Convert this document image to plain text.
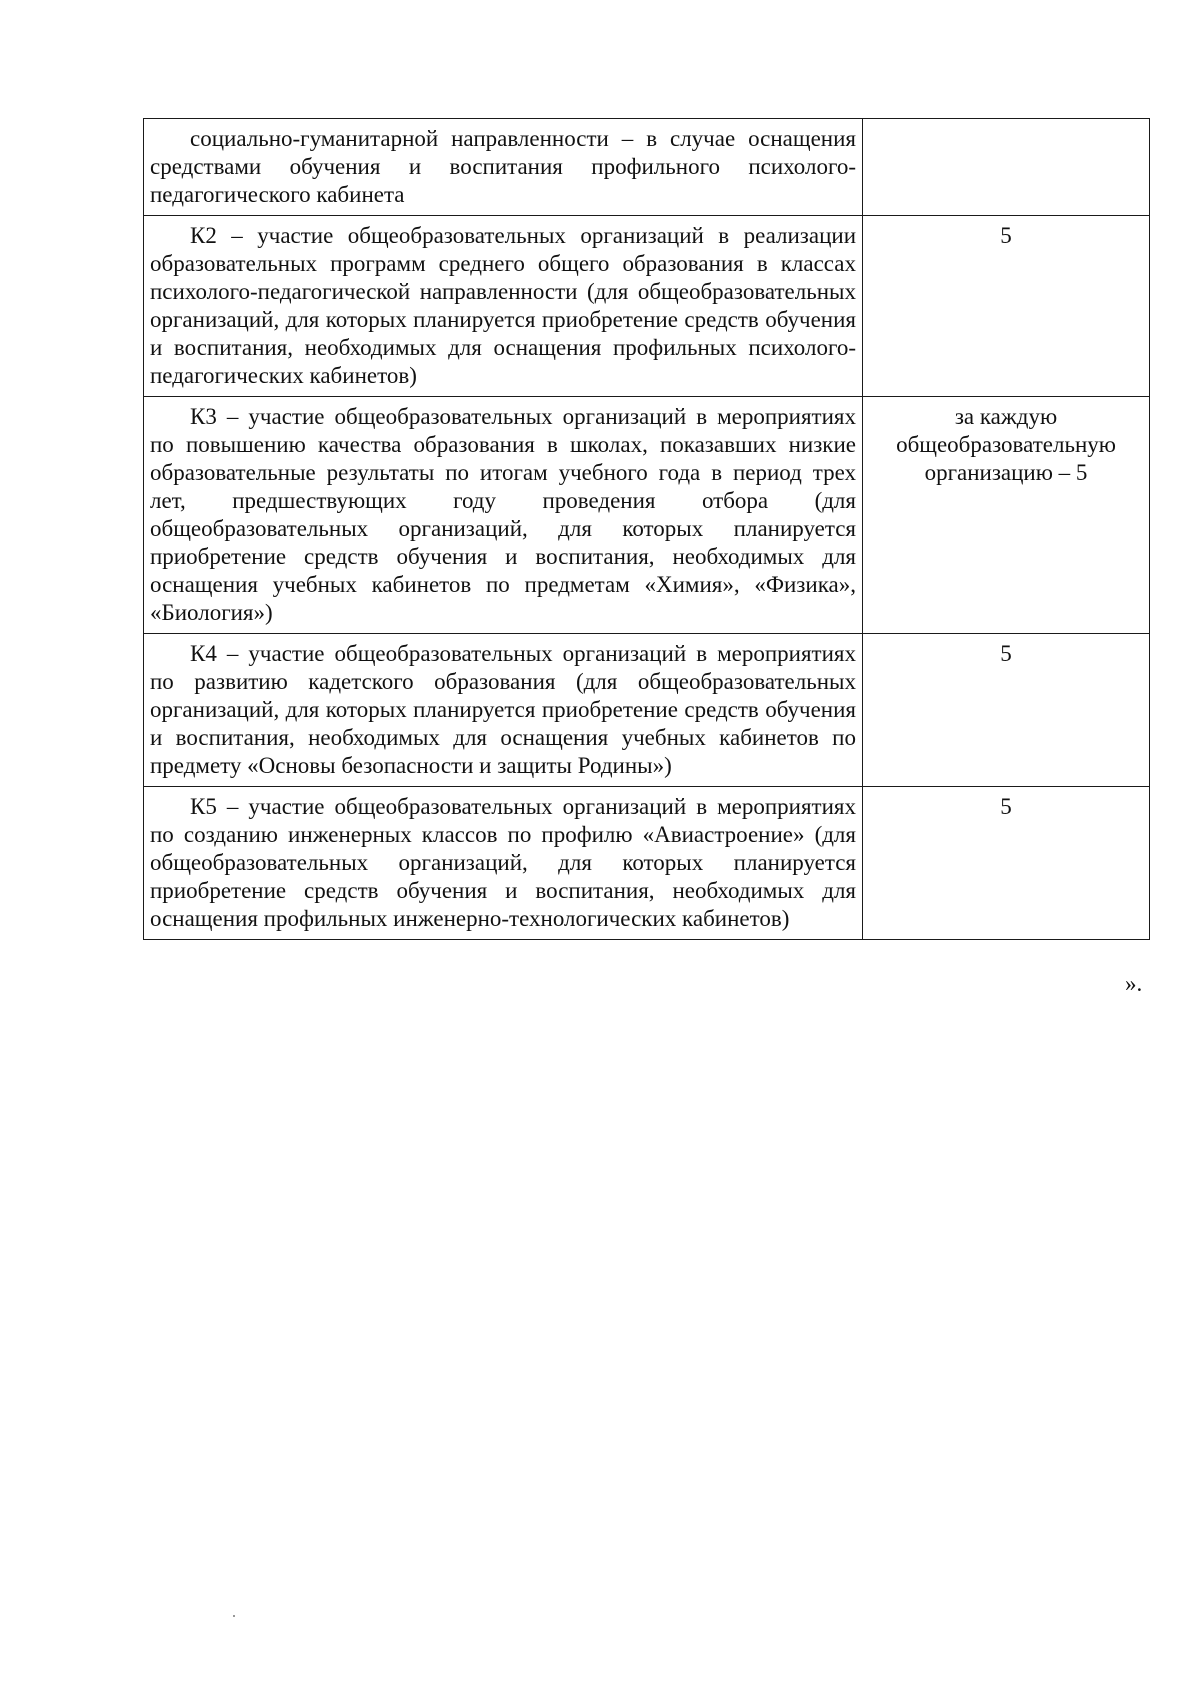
социально-гуманитарной направленности – в случае оснащения средствами обучения и воспитания профильного психолого-педагогического кабинета	
К2 – участие общеобразовательных организаций в реализации образовательных программ среднего общего образования в классах психолого-педагогической направленности (для общеобразовательных организаций, для которых планируется приобретение средств обучения и воспитания, необходимых для оснащения профильных психолого-педагогических кабинетов)	5
К3 – участие общеобразовательных организаций в мероприятиях по повышению качества образования в школах, показавших низкие образовательные результаты по итогам учебного года в период трех лет, предшествующих году проведения отбора (для общеобразовательных организаций, для которых планируется приобретение средств обучения и воспитания, необходимых для оснащения учебных кабинетов по предметам «Химия», «Физика», «Биология»)	за каждую общеобразовательную организацию – 5
К4 – участие общеобразовательных организаций в мероприятиях по развитию кадетского образования (для общеобразовательных организаций, для которых планируется приобретение средств обучения и воспитания, необходимых для оснащения учебных кабинетов по предмету «Основы безопасности и защиты Родины»)	5
К5 – участие общеобразовательных организаций в мероприятиях по созданию инженерных классов по профилю «Авиастроение» (для общеобразовательных организаций, для которых планируется приобретение средств обучения и воспитания, необходимых для оснащения профильных инженерно-технологических кабинетов)	5
».
